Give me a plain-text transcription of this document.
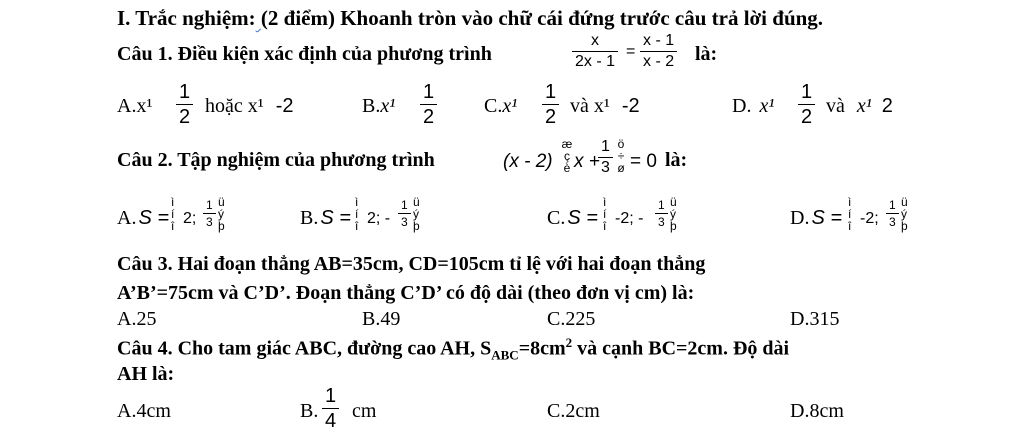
I. Trắc nghiệm: (2 điểm) Khoanh tròn vào chữ cái đứng trước câu trả lời đúng.
Câu 1. Điều kiện xác định của phương trình
x
2x - 1
=
x - 1
x - 2 là:
A.x¹
1
2 hoặc x¹ -2	B.x¹
1
2 C.x¹
1
2 và x¹ -2	D. x¹
1
2 và x¹ 2
Câu 2. Tập nghiệm của phương trình	(x - 2)
æ
ç
è x +
1
3
ö
÷
ø = 0 là:
A. S =
ì
í
î 2;
1
3
ü
ý
þ	B. S =
ì
í
î 2; -
1
3
ü
ý
þ	C. S =
ì
í
î -2; -
1
3
ü
ý
þ	D. S =
ì
í
î -2;
1
3
ü
ý
þ
Câu 3. Hai đoạn thẳng AB=35cm, CD=105cm tỉ lệ với hai đoạn thẳng
A’B’=75cm và C’D’. Đoạn thẳng C’D’ có độ dài (theo đơn vị cm) là:
A.25	B.49	C.225	D.315
Câu 4. Cho tam giác ABC, đường cao AH, $S_{ABC}=8cm^2$ và cạnh BC=2cm. Độ dài
AH là:
A.4cm	B.
1
4 cm	C.2cm	D.8cm
